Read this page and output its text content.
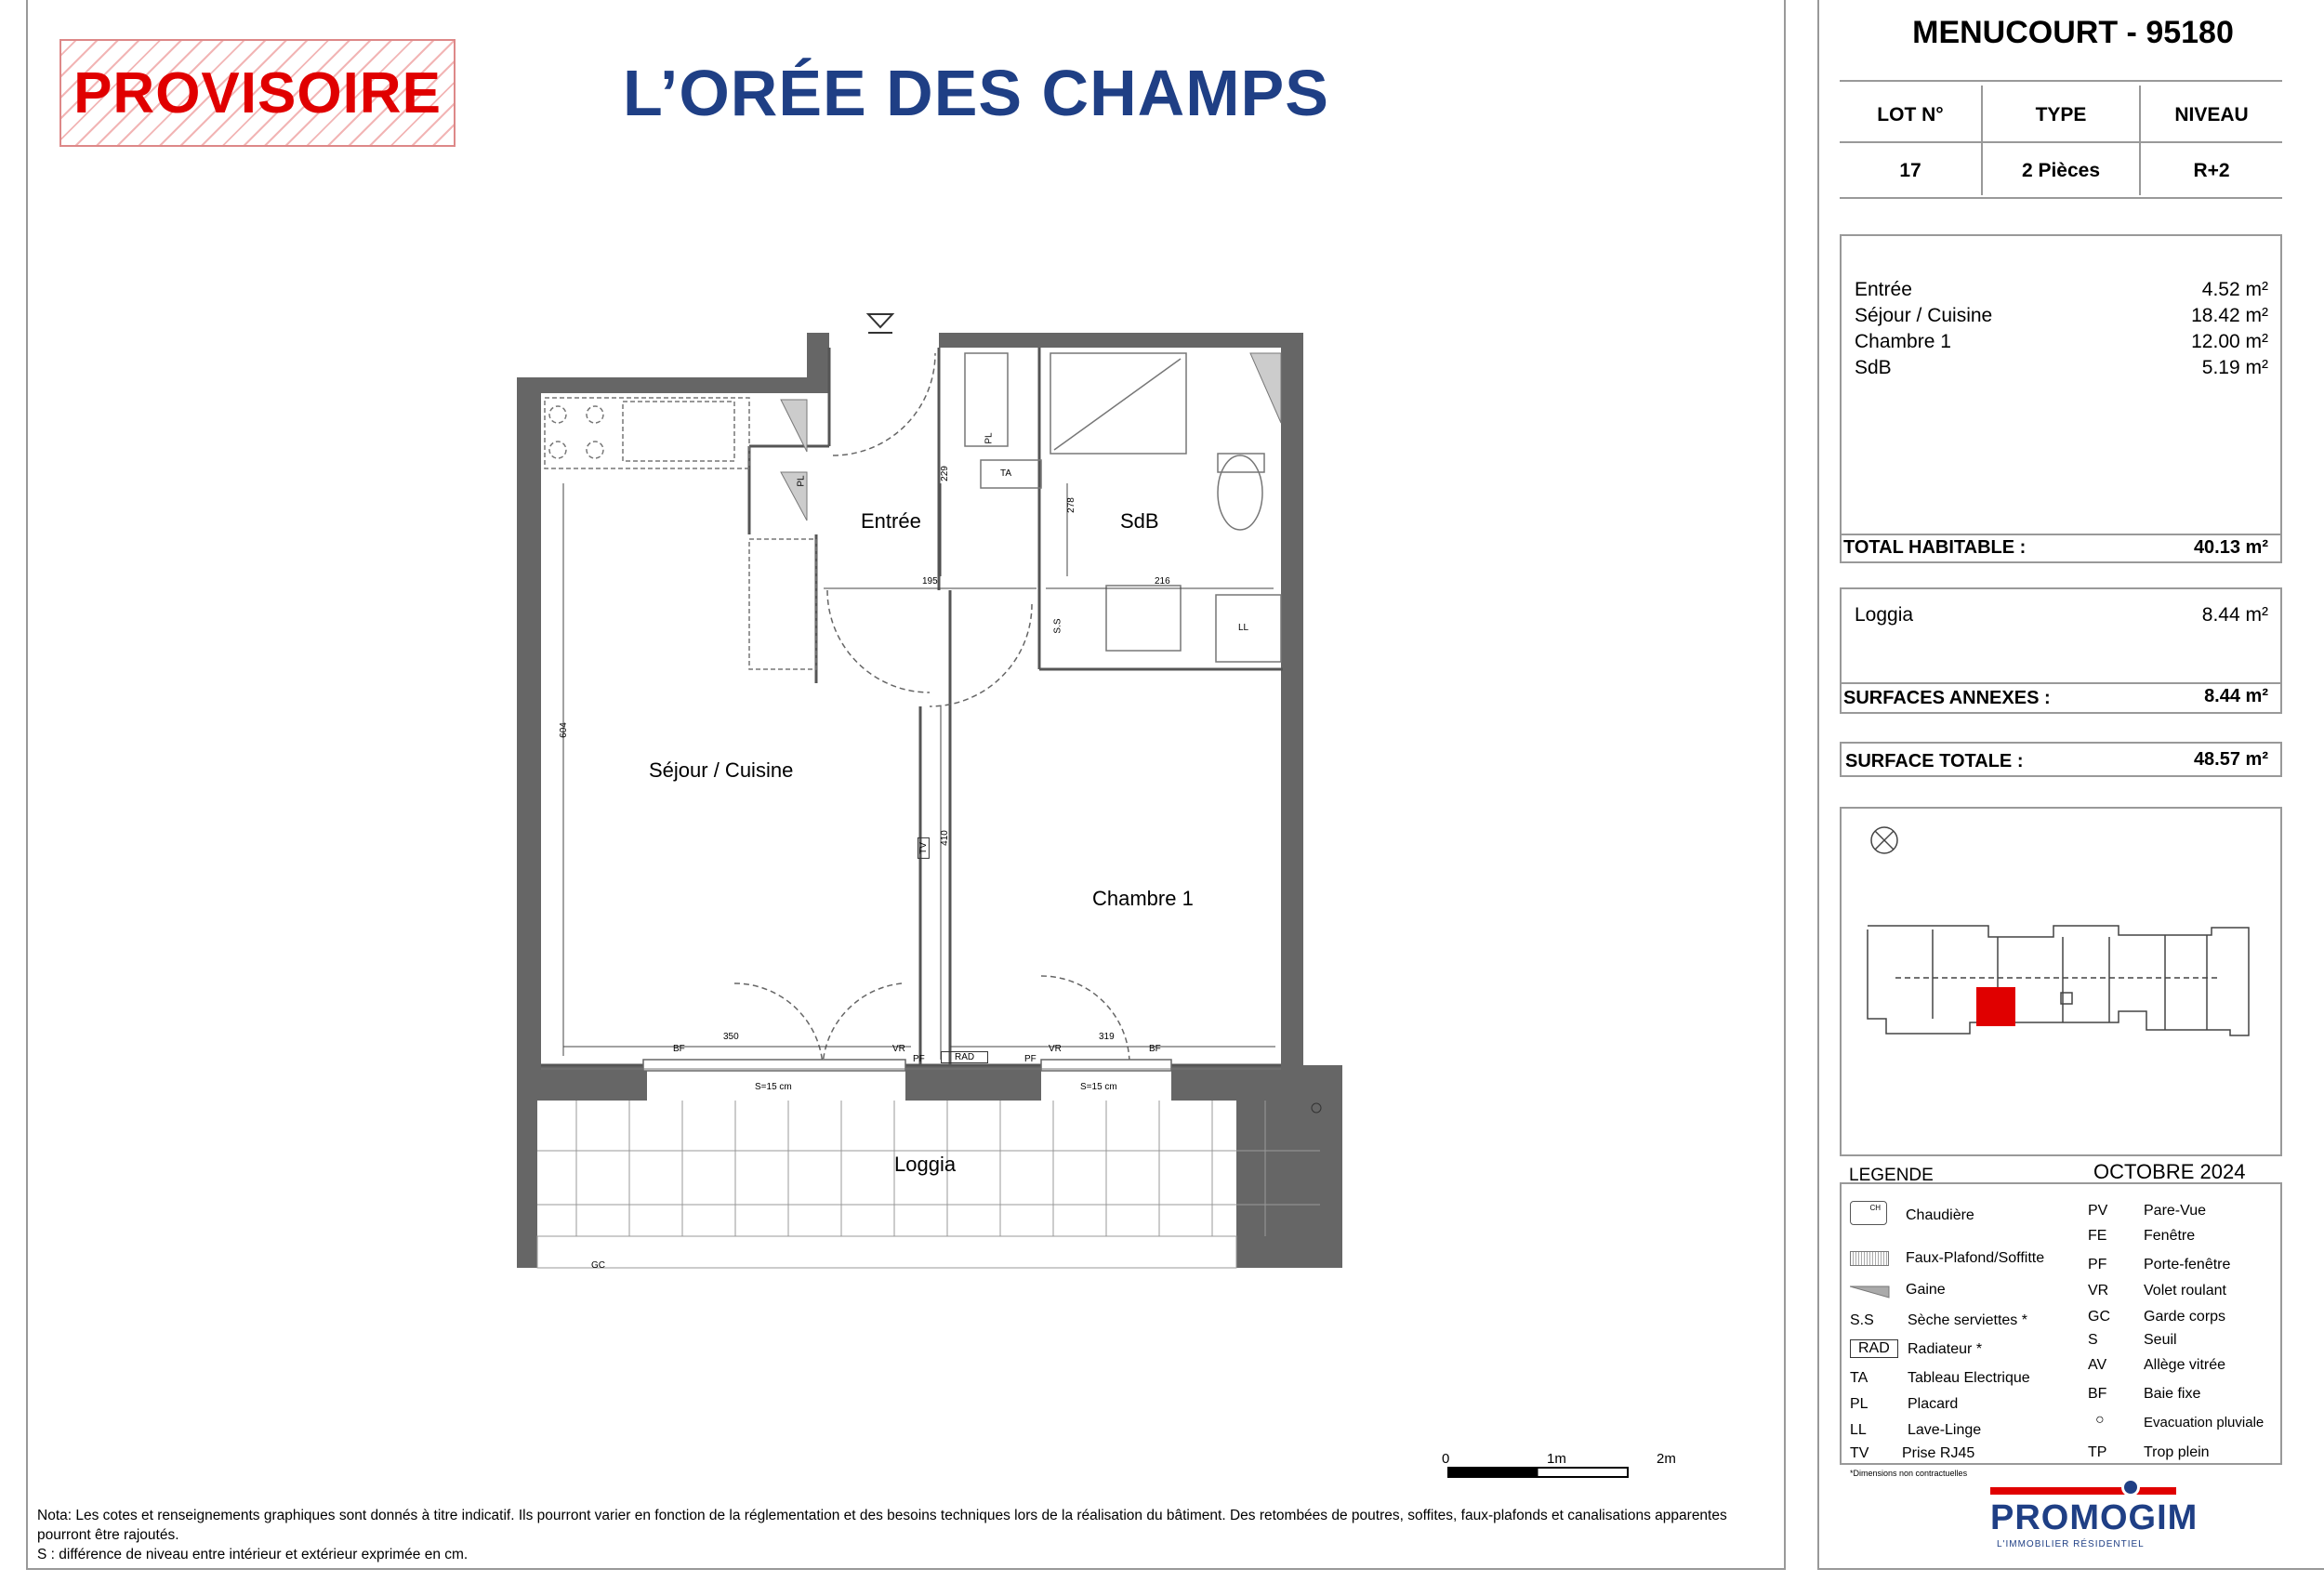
PROVISOIRE	L’ORÉE DES CHAMPS
Entrée	SdB
Séjour / Cuisine
Chambre 1
Loggia
195	216
229
278
604
410
350	319
S=15 cm	S=15 cm
BF	VR
PF	RAD	PF
VR	BF
TV
TA
PL
PL
S.S	LL
GC
0	1m	2m
Nota: Les cotes et renseignements graphiques sont donnés à titre indicatif. Ils pourront varier en fonction de la réglementation et des besoins techniques lors de la réalisation du bâtiment. Des retombées de poutres, soffites, faux-plafonds et canalisations apparentes pourront être rajoutés.
S : différence de niveau entre intérieur et extérieur exprimée en cm.
MENUCOURT - 95180
LOT N°	TYPE	NIVEAU
17	2 Pièces	R+2
Entrée	4.52 m²
Séjour / Cuisine	18.42 m²
Chambre 1	12.00 m²
SdB	5.19 m²
TOTAL HABITABLE :	40.13 m²
Loggia	8.44 m²
SURFACES ANNEXES :	8.44 m²
SURFACE TOTALE :	48.57 m²
LEGENDE	OCTOBRE 2024
CH	Chaudière
Faux-Plafond/Soffitte
Gaine
S.S Sèche serviettes *
RAD	Radiateur *
TA	Tableau Electrique
PL	Placard
LL	Lave-Linge
TV Prise RJ45
PV Pare-Vue
FE Fenêtre
PF Porte-fenêtre
VR Volet roulant
GC Garde corps
S	Seuil
AV Allège vitrée
BF Baie fixe
○	Evacuation pluviale
TP Trop plein
*Dimensions non contractuelles
PROMOGIM
L'IMMOBILIER RÉSIDENTIEL
